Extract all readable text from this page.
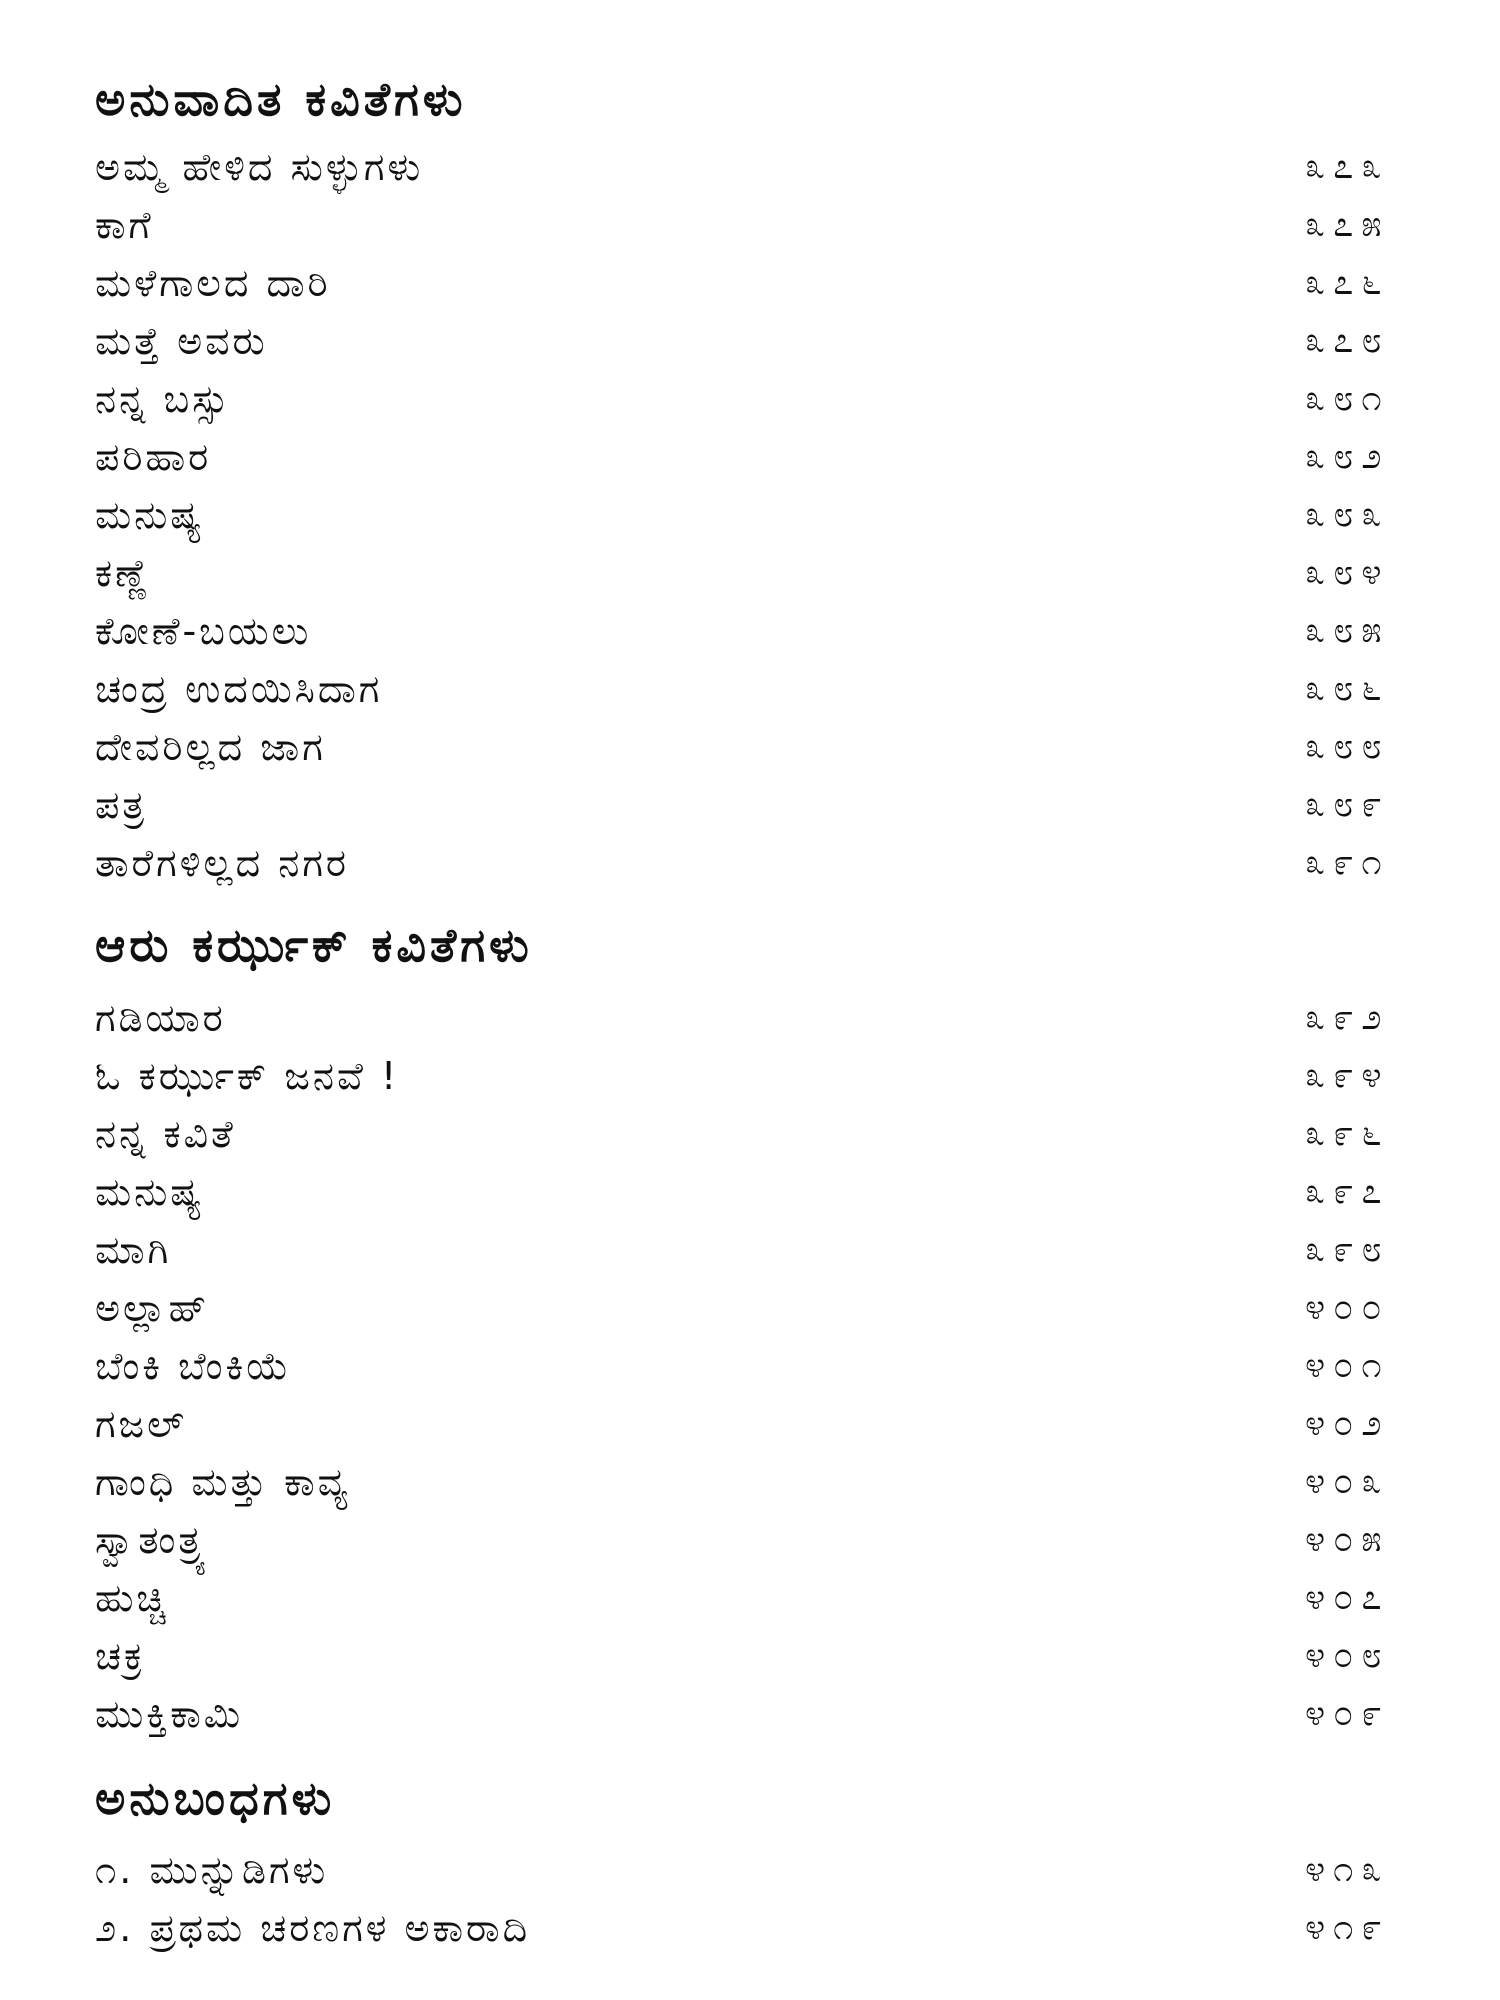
ಅನುವಾದಿತ ಕವಿತೆಗಳು
ಅಮ್ಮ ಹೇಳಿದ ಸುಳ್ಳುಗಳು	೩೭೩
ಕಾಗೆ	೩೭೫
ಮಳೆಗಾಲದ ದಾರಿ	೩೭೬
ಮತ್ತೆ ಅವರು	೩೭೮
ನನ್ನ ಬಸ್ಸು	೩೮೧
ಪರಿಹಾರ	೩೮೨
ಮನುಷ್ಯ	೩೮೩
ಕಣ್ಣೆ	೩೮೪
ಕೋಣೆ-ಬಯಲು	೩೮೫
ಚಂದ್ರ ಉದಯಿಸಿದಾಗ	೩೮೬
ದೇವರಿಲ್ಲದ ಜಾಗ	೩೮೮
ಪತ್ರ	೩೮೯
ತಾರೆಗಳಿಲ್ಲದ ನಗರ	೩೯೧
ಆರು ಕರ್ಝುಕ್ ಕವಿತೆಗಳು
ಗಡಿಯಾರ	೩೯೨
ಓ ಕರ್ಝುಕ್ ಜನವೆ !	೩೯೪
ನನ್ನ ಕವಿತೆ	೩೯೬
ಮನುಷ್ಯ	೩೯೭
ಮಾಗಿ	೩೯೮
ಅಲ್ಲಾಹ್	೪೦೦
ಬೆಂಕಿ ಬೆಂಕಿಯೆ	೪೦೧
ಗಜಲ್	೪೦೨
ಗಾಂಧಿ ಮತ್ತು ಕಾವ್ಯ	೪೦೩
ಸ್ವಾತಂತ್ರ್ಯ	೪೦೫
ಹುಚ್ಚಿ	೪೦೭
ಚಕ್ರ	೪೦೮
ಮುಕ್ತಿಕಾಮಿ	೪೦೯
ಅನುಬಂಧಗಳು
೧. ಮುನ್ನುಡಿಗಳು	೪೧೩
೨. ಪ್ರಥಮ ಚರಣಗಳ ಅಕಾರಾದಿ	೪೧೯
